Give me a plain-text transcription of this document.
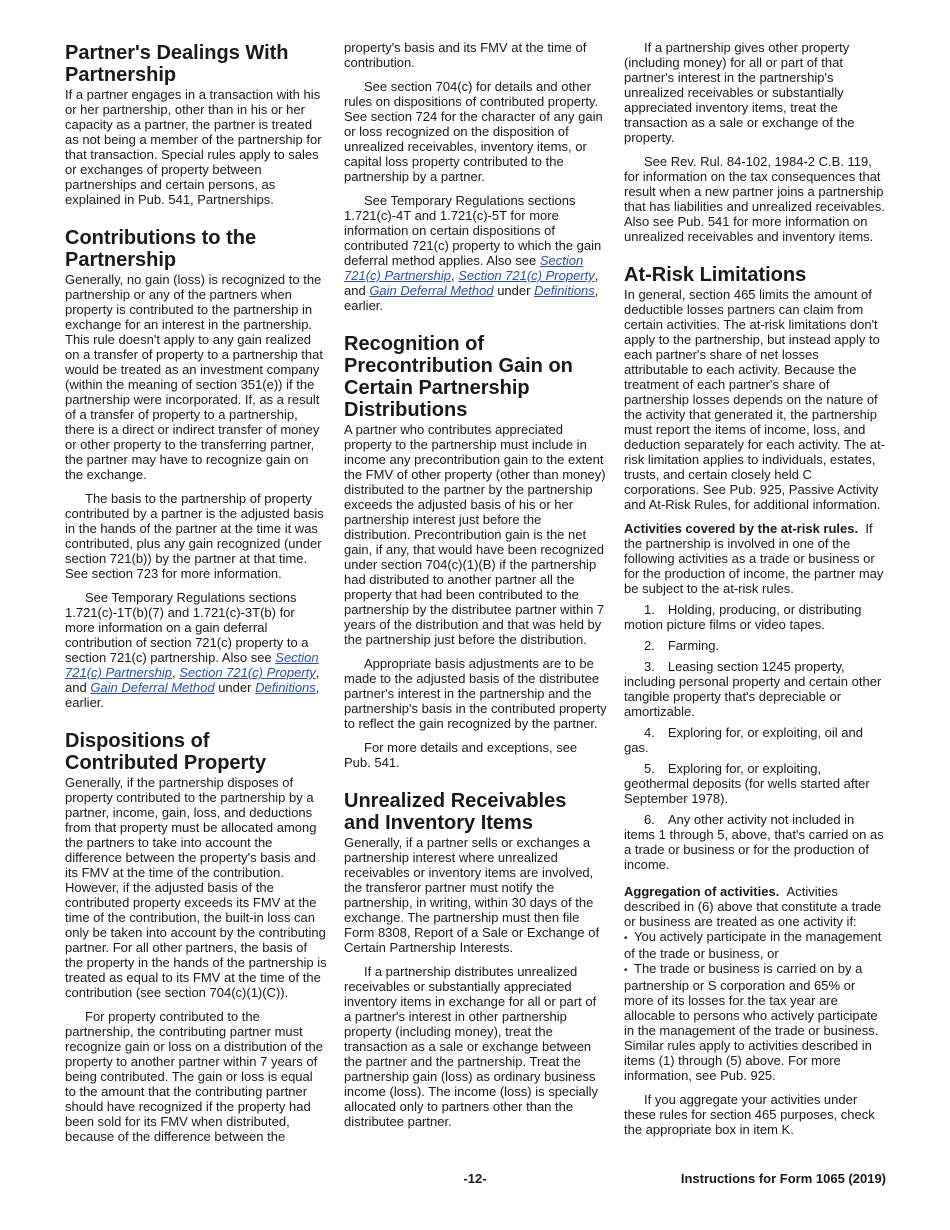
Partner's Dealings With Partnership

If a partner engages in a transaction with his or her partnership, other than in his or her capacity as a partner, the partner is treated as not being a member of the partnership for that transaction. Special rules apply to sales or exchanges of property between partnerships and certain persons, as explained in Pub. 541, Partnerships.

Contributions to the Partnership

Generally, no gain (loss) is recognized to the partnership or any of the partners when property is contributed to the partnership in exchange for an interest in the partnership. This rule doesn't apply to any gain realized on a transfer of property to a partnership that would be treated as an investment company (within the meaning of section 351(e)) if the partnership were incorporated. If, as a result of a transfer of property to a partnership, there is a direct or indirect transfer of money or other property to the transferring partner, the partner may have to recognize gain on the exchange.

The basis to the partnership of property contributed by a partner is the adjusted basis in the hands of the partner at the time it was contributed, plus any gain recognized (under section 721(b)) by the partner at that time. See section 723 for more information.

See Temporary Regulations sections 1.721(c)-1T(b)(7) and 1.721(c)-3T(b) for more information on a gain deferral contribution of section 721(c) property to a section 721(c) partnership. Also see Section 721(c) Partnership, Section 721(c) Property, and Gain Deferral Method under Definitions, earlier.

Dispositions of Contributed Property

Generally, if the partnership disposes of property contributed to the partnership by a partner, income, gain, loss, and deductions from that property must be allocated among the partners to take into account the difference between the property's basis and its FMV at the time of the contribution. However, if the adjusted basis of the contributed property exceeds its FMV at the time of the contribution, the built-in loss can only be taken into account by the contributing partner. For all other partners, the basis of the property in the hands of the partnership is treated as equal to its FMV at the time of the contribution (see section 704(c)(1)(C)).

For property contributed to the partnership, the contributing partner must recognize gain or loss on a distribution of the property to another partner within 7 years of being contributed. The gain or loss is equal to the amount that the contributing partner should have recognized if the property had been sold for its FMV when distributed, because of the difference between the

property's basis and its FMV at the time of contribution.

See section 704(c) for details and other rules on dispositions of contributed property. See section 724 for the character of any gain or loss recognized on the disposition of unrealized receivables, inventory items, or capital loss property contributed to the partnership by a partner.

See Temporary Regulations sections 1.721(c)-4T and 1.721(c)-5T for more information on certain dispositions of contributed 721(c) property to which the gain deferral method applies. Also see Section 721(c) Partnership, Section 721(c) Property, and Gain Deferral Method under Definitions, earlier.

Recognition of Precontribution Gain on Certain Partnership Distributions

A partner who contributes appreciated property to the partnership must include in income any precontribution gain to the extent the FMV of other property (other than money) distributed to the partner by the partnership exceeds the adjusted basis of his or her partnership interest just before the distribution. Precontribution gain is the net gain, if any, that would have been recognized under section 704(c)(1)(B) if the partnership had distributed to another partner all the property that had been contributed to the partnership by the distributee partner within 7 years of the distribution and that was held by the partnership just before the distribution.

Appropriate basis adjustments are to be made to the adjusted basis of the distributee partner's interest in the partnership and the partnership's basis in the contributed property to reflect the gain recognized by the partner.

For more details and exceptions, see Pub. 541.

Unrealized Receivables and Inventory Items

Generally, if a partner sells or exchanges a partnership interest where unrealized receivables or inventory items are involved, the transferor partner must notify the partnership, in writing, within 30 days of the exchange. The partnership must then file Form 8308, Report of a Sale or Exchange of Certain Partnership Interests.

If a partnership distributes unrealized receivables or substantially appreciated inventory items in exchange for all or part of a partner's interest in other partnership property (including money), treat the transaction as a sale or exchange between the partner and the partnership. Treat the partnership gain (loss) as ordinary business income (loss). The income (loss) is specially allocated only to partners other than the distributee partner.

If a partnership gives other property (including money) for all or part of that partner's interest in the partnership's unrealized receivables or substantially appreciated inventory items, treat the transaction as a sale or exchange of the property.

See Rev. Rul. 84-102, 1984-2 C.B. 119, for information on the tax consequences that result when a new partner joins a partnership that has liabilities and unrealized receivables. Also see Pub. 541 for more information on unrealized receivables and inventory items.

At-Risk Limitations

In general, section 465 limits the amount of deductible losses partners can claim from certain activities. The at-risk limitations don't apply to the partnership, but instead apply to each partner's share of net losses attributable to each activity. Because the treatment of each partner's share of partnership losses depends on the nature of the activity that generated it, the partnership must report the items of income, loss, and deduction separately for each activity. The at-risk limitation applies to individuals, estates, trusts, and certain closely held C corporations. See Pub. 925, Passive Activity and At-Risk Rules, for additional information.

Activities covered by the at-risk rules. If the partnership is involved in one of the following activities as a trade or business or for the production of income, the partner may be subject to the at-risk rules.

1. Holding, producing, or distributing motion picture films or video tapes.
2. Farming.
3. Leasing section 1245 property, including personal property and certain other tangible property that's depreciable or amortizable.
4. Exploring for, or exploiting, oil and gas.
5. Exploring for, or exploiting, geothermal deposits (for wells started after September 1978).
6. Any other activity not included in items 1 through 5, above, that's carried on as a trade or business or for the production of income.

Aggregation of activities. Activities described in (6) above that constitute a trade or business are treated as one activity if:

• You actively participate in the management of the trade or business, or
• The trade or business is carried on by a partnership or S corporation and 65% or more of its losses for the tax year are allocable to persons who actively participate in the management of the trade or business. Similar rules apply to activities described in items (1) through (5) above. For more information, see Pub. 925.

If you aggregate your activities under these rules for section 465 purposes, check the appropriate box in item K.

-12-	Instructions for Form 1065 (2019)
